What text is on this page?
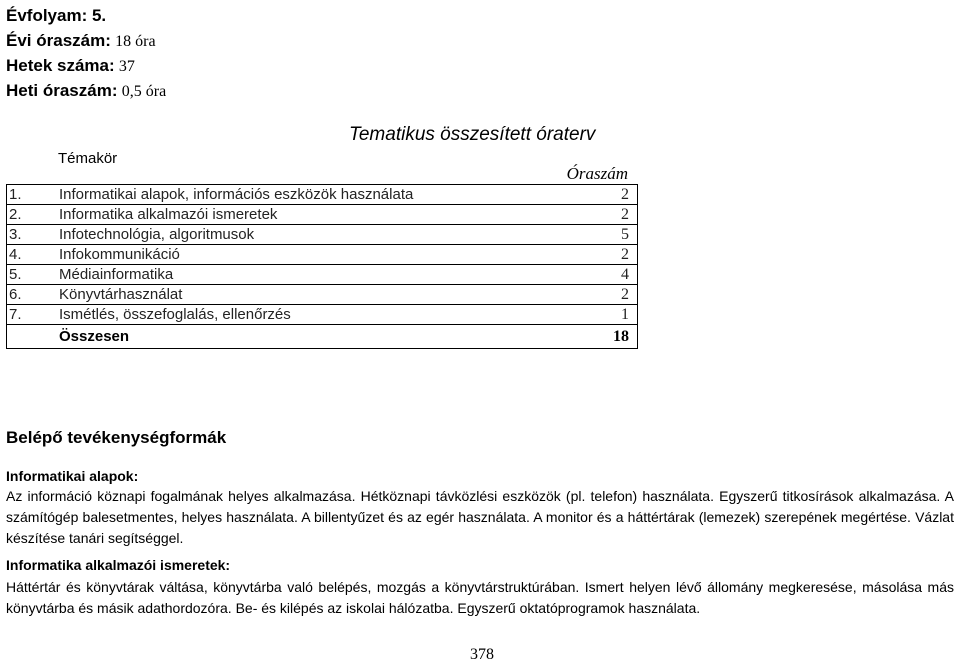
Évfolyam: 5.
Évi óraszám: 18 óra
Hetek száma: 37
Heti óraszám: 0,5 óra
Tematikus összesített óraterv
Témakör
Óraszám
1. Informatikai alapok, információs eszközök használata	2
2. Informatika alkalmazói ismeretek	2
3. Infotechnológia, algoritmusok	5
4. Infokommunikáció	2
5. Médiainformatika	4
6. Könyvtárhasználat	2
7. Ismétlés, összefoglalás, ellenőrzés	1
Összesen	18
Belépő tevékenységformák
Informatikai alapok:
Az információ köznapi fogalmának helyes alkalmazása. Hétköznapi távközlési eszközök (pl. telefon) használata. Egyszerű titkosírások alkalmazása. A számítógép balesetmentes, helyes használata. A billentyűzet és az egér használata. A monitor és a háttértárak (lemezek) szerepének megértése. Vázlat készítése tanári segítséggel.
Informatika alkalmazói ismeretek:
Háttértár és könyvtárak váltása, könyvtárba való belépés, mozgás a könyvtárstruktúrában. Ismert helyen lévő állomány megkeresése, másolása más könyvtárba és másik adathordozóra. Be- és kilépés az iskolai hálózatba. Egyszerű oktatóprogramok használata.
378
